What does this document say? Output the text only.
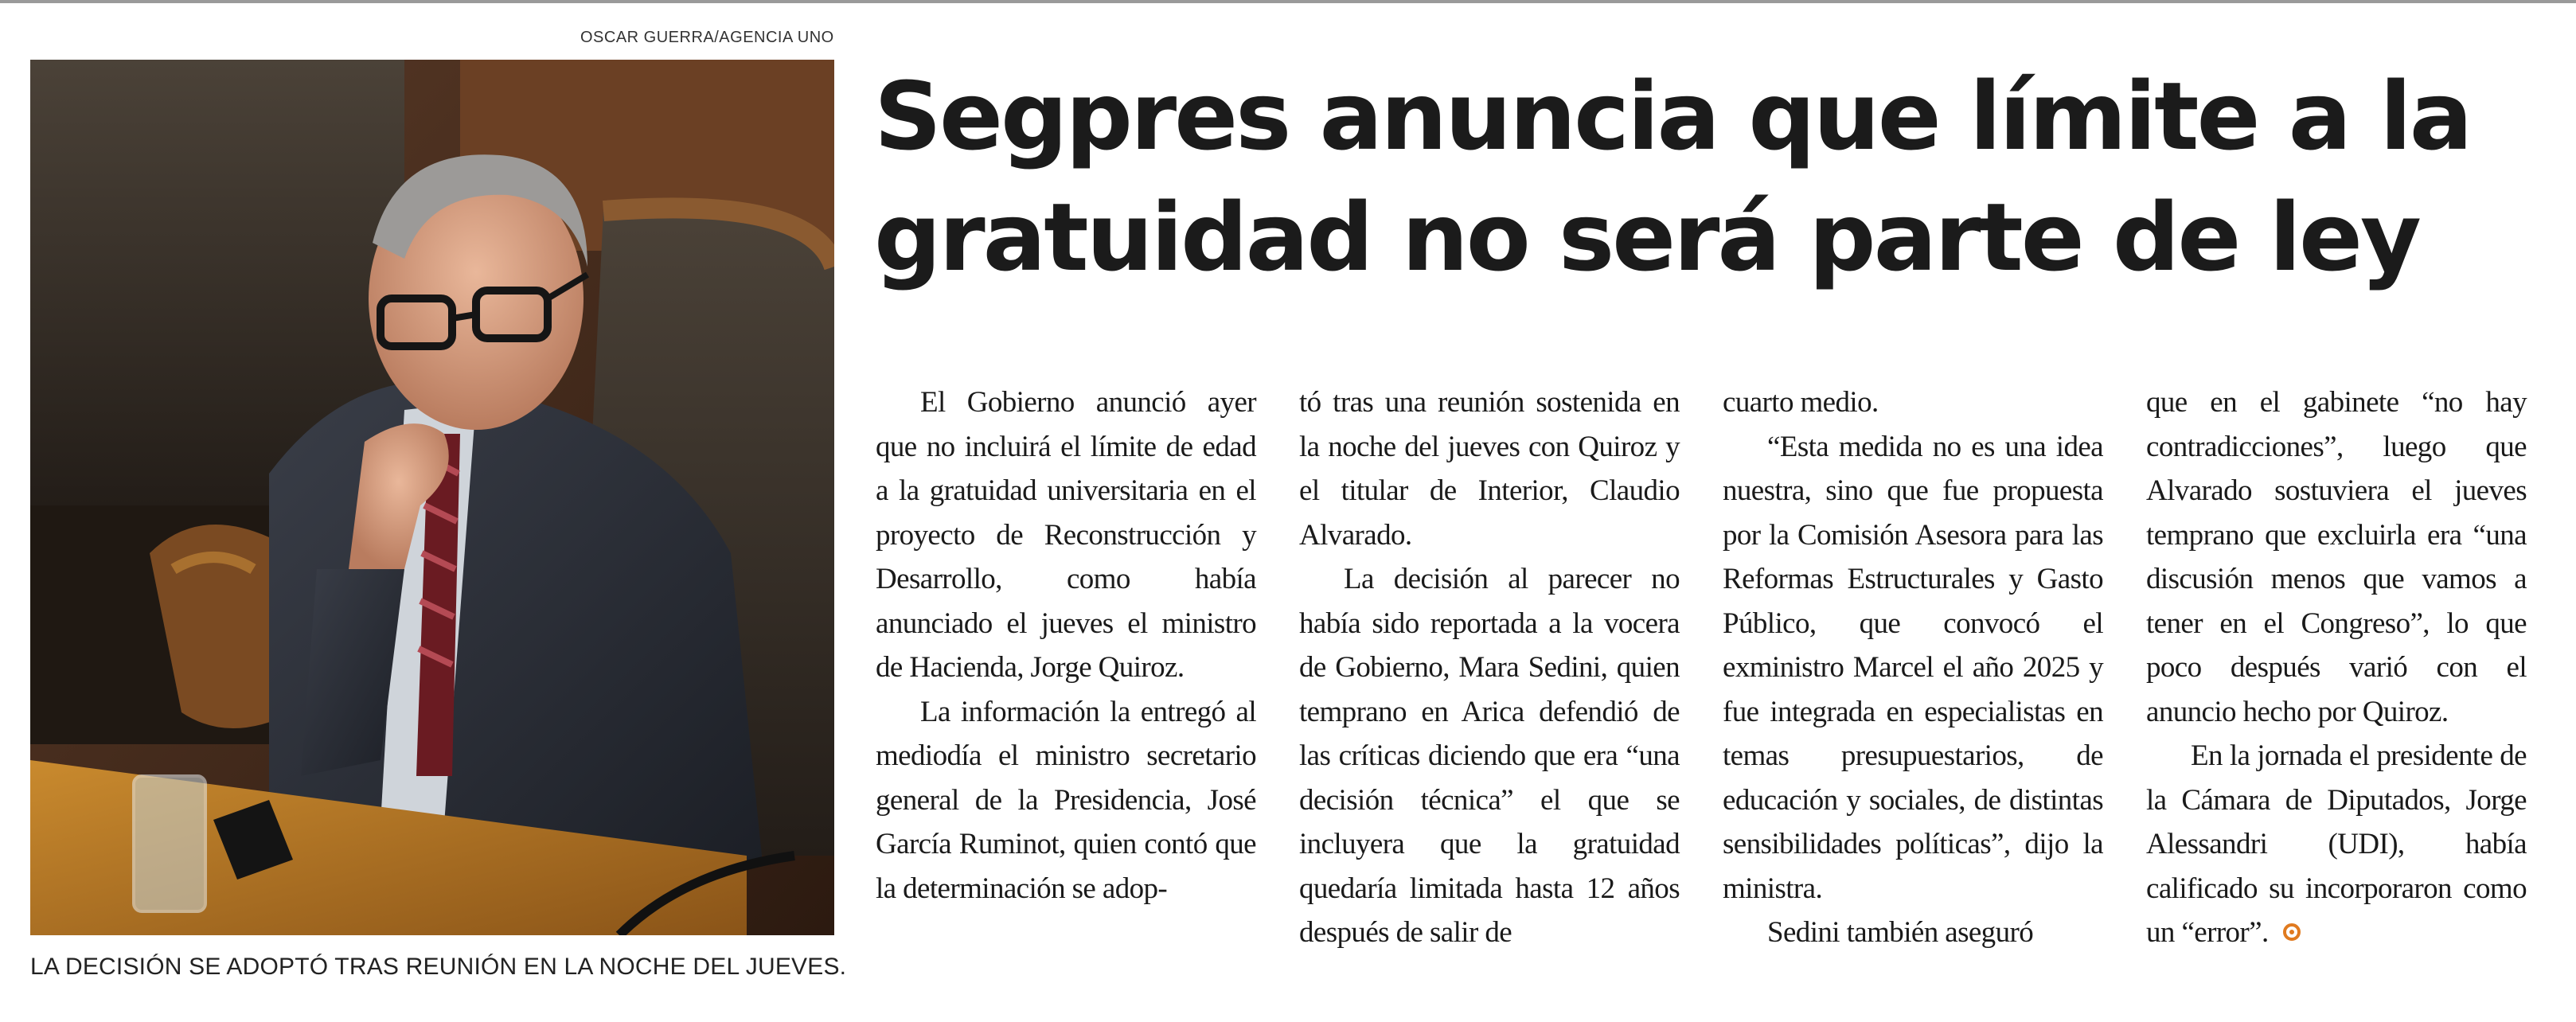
OSCAR GUERRA/AGENCIA UNO
LA DECISIÓN SE ADOPTÓ TRAS REUNIÓN EN LA NOCHE DEL JUEVES.
Segpres anuncia que límite a la
gratuidad no será parte de ley

El Gobierno anunció ayer que no incluirá el límite de edad a la gratuidad universitaria en el proyecto de Reconstrucción y Desarrollo, como había anunciado el jueves el ministro de Hacienda, Jorge Quiroz.

La información la entregó al mediodía el ministro secretario general de la Presidencia, José García Ruminot, quien contó que la determinación se adop-

tó tras una reunión sostenida en la noche del jueves con Quiroz y el titular de Interior, Claudio Alvarado.

La decisión al parecer no había sido reportada a la vocera de Gobierno, Mara Sedini, quien temprano en Arica defendió de las críticas diciendo que era “una decisión técnica” el que se incluyera que la gratuidad quedaría limitada hasta 12 años después de salir de

cuarto medio.

“Esta medida no es una idea nuestra, sino que fue propuesta por la Comisión Asesora para las Reformas Estructurales y Gasto Público, que convocó el exministro Marcel el año 2025 y fue integrada en especialistas en temas presupuestarios, de educación y sociales, de distintas sensibilidades políticas”, dijo la ministra.

Sedini también aseguró

que en el gabinete “no hay contradicciones”, luego que Alvarado sostuviera el jueves temprano que excluirla era “una discusión menos que vamos a tener en el Congreso”, lo que poco después varió con el anuncio hecho por Quiroz.

En la jornada el presidente de la Cámara de Diputados, Jorge Alessandri (UDI), había calificado su incorporaron como un “error”.
